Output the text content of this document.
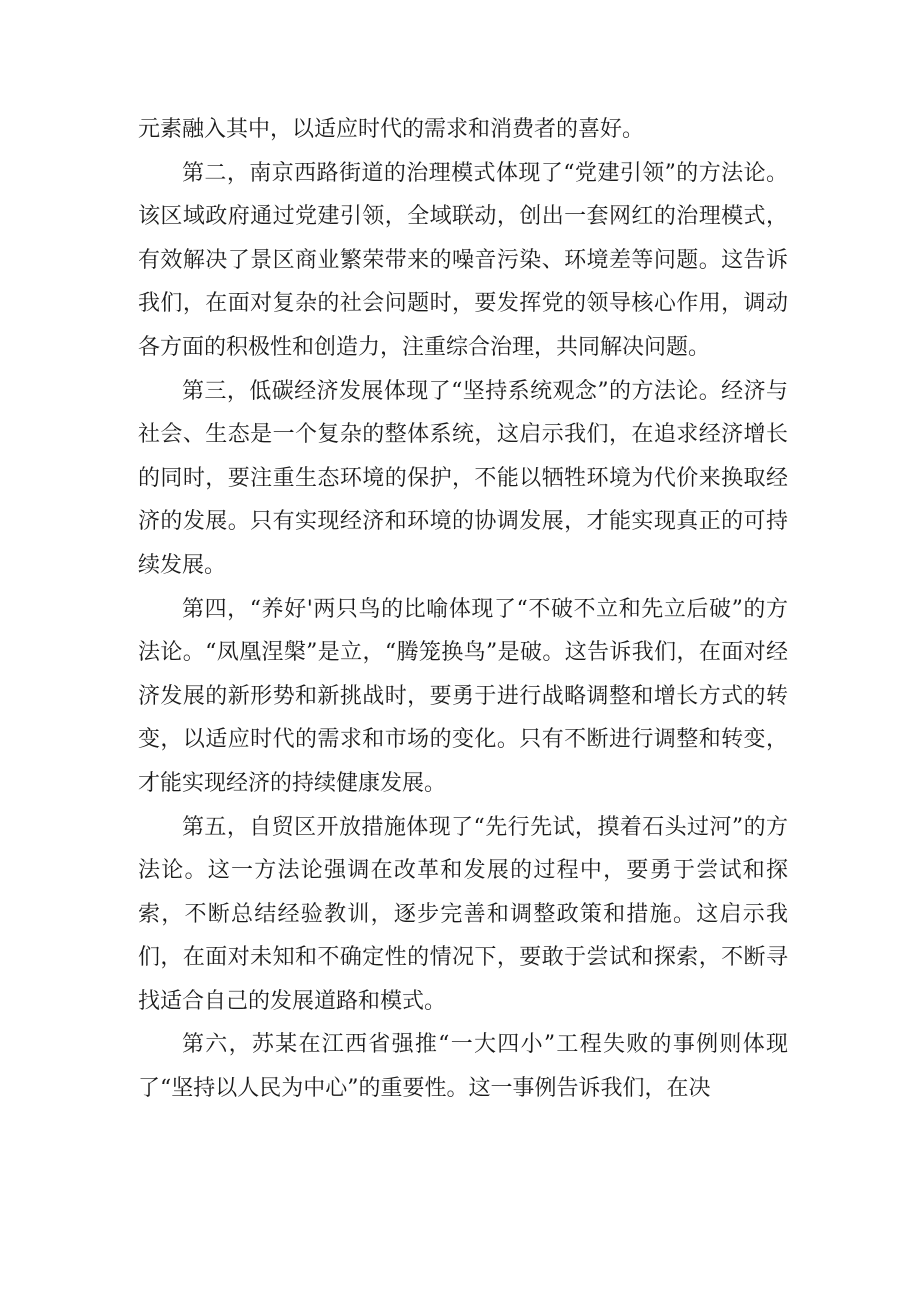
元素融入其中，以适应时代的需求和消费者的喜好。

第二，南京西路街道的治理模式体现了“党建引领”的方法论。该区域政府通过党建引领，全域联动，创出一套网红的治理模式，有效解决了景区商业繁荣带来的噪音污染、环境差等问题。这告诉我们，在面对复杂的社会问题时，要发挥党的领导核心作用，调动各方面的积极性和创造力，注重综合治理，共同解决问题。

第三，低碳经济发展体现了“坚持系统观念”的方法论。经济与社会、生态是一个复杂的整体系统，这启示我们，在追求经济增长的同时，要注重生态环境的保护，不能以牺牲环境为代价来换取经济的发展。只有实现经济和环境的协调发展，才能实现真正的可持续发展。

第四，“养好'两只鸟的比喻体现了“不破不立和先立后破”的方法论。“凤凰涅槃”是立，“腾笼换鸟”是破。这告诉我们，在面对经济发展的新形势和新挑战时，要勇于进行战略调整和增长方式的转变，以适应时代的需求和市场的变化。只有不断进行调整和转变，才能实现经济的持续健康发展。

第五，自贸区开放措施体现了“先行先试，摸着石头过河”的方法论。这一方法论强调在改革和发展的过程中，要勇于尝试和探索，不断总结经验教训，逐步完善和调整政策和措施。这启示我们，在面对未知和不确定性的情况下，要敢于尝试和探索，不断寻找适合自己的发展道路和模式。

第六，苏某在江西省强推“一大四小”工程失败的事例则体现了“坚持以人民为中心”的重要性。这一事例告诉我们，在决
